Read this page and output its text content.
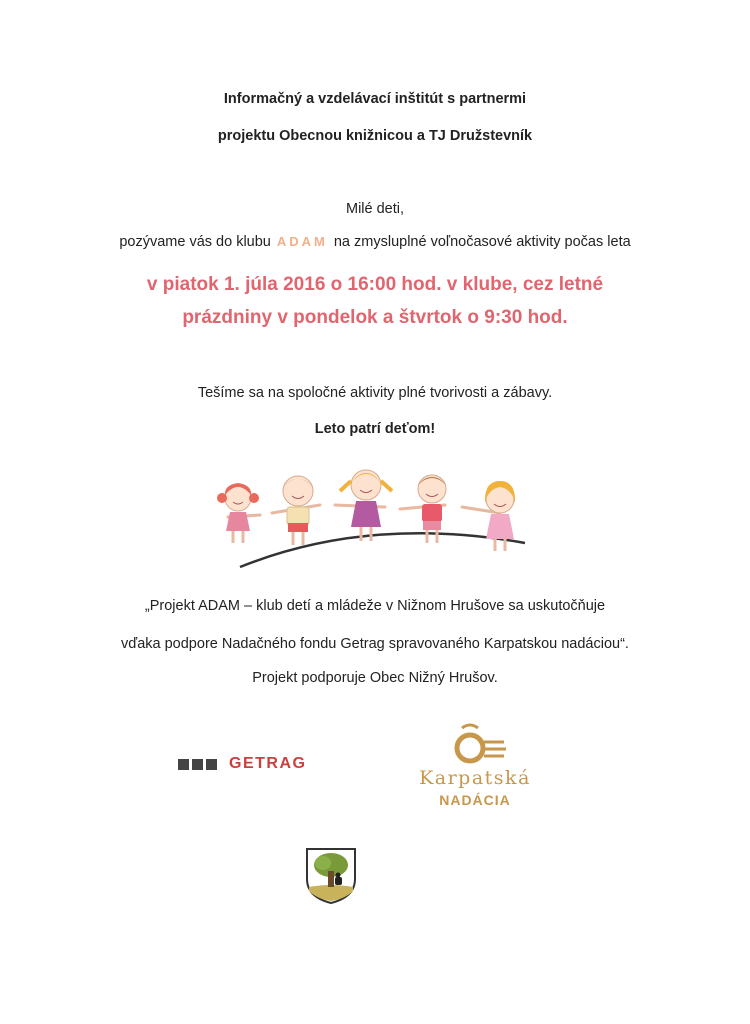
Informačný a vzdelávací inštitút s partnermi
projektu Obecnou knižnicou a TJ Družstevník
Milé deti,
pozývame vás do klubu ADAM na zmysluplné voľnočasové aktivity počas leta
v piatok 1. júla 2016 o 16:00 hod. v klube, cez letné
prázdniny v pondelok a štvrtok o 9:30 hod.
Tešíme sa na spoločné aktivity plné tvorivosti a zábavy.
Leto patrí deťom!
„Projekt ADAM – klub detí a mládeže v Nižnom Hrušove sa uskutočňuje
vďaka podpore Nadačného fondu Getrag spravovaného Karpatskou nadáciou“.
Projekt podporuje Obec Nižný Hrušov.
GETRAG
Karpatská
NADÁCIA
